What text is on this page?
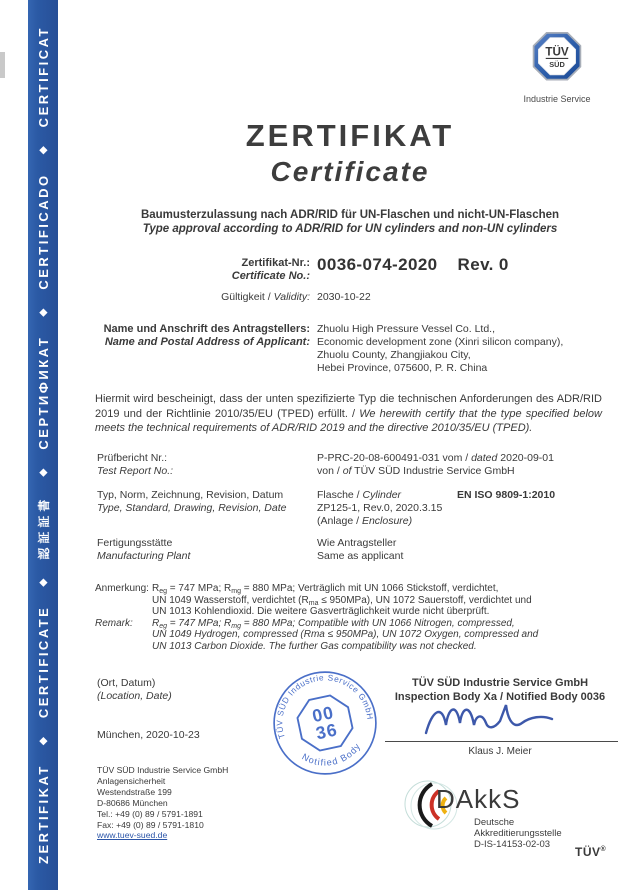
ZERTIFIKAT
◆
CERTIFICATE
◆
認証証書
◆
СЕРТИФИКАТ
◆
CERTIFICADO
◆
CERTIFICAT	TÜV
SÜD
Industrie Service
ZERTIFIKAT
Certificate
Baumusterzulassung nach ADR/RID für UN-Flaschen und nicht-UN-Flaschen
Type approval according to ADR/RID for UN cylinders and non-UN cylinders
Zertifikat-Nr.:
Certificate No.:
0036-074-2020 Rev. 0
Gültigkeit / Validity: 2030-10-22
Name und Anschrift des Antragstellers:
Name and Postal Address of Applicant:
Zhuolu High Pressure Vessel Co. Ltd.,
Economic development zone (Xinri silicon company),
Zhuolu County, Zhangjiakou City,
Hebei Province, 075600, P. R. China
Hiermit wird bescheinigt, dass der unten spezifizierte Typ die technischen Anforderungen des ADR/RID 2019 und der Richtlinie 2010/35/EU (TPED) erfüllt. / We herewith certify that the type specified below meets the technical requirements of ADR/RID 2019 and the directive 2010/35/EU (TPED).
Prüfbericht Nr.:
Test Report No.:
P-PRC-20-08-600491-031 vom / dated 2020-09-01
von / of TÜV SÜD Industrie Service GmbH
Typ, Norm, Zeichnung, Revision, Datum
Type, Standard, Drawing, Revision, Date
Flasche / Cylinder
ZP125-1, Rev.0, 2020.3.15
(Anlage / Enclosure)
EN ISO 9809-1:2010
Fertigungsstätte
Manufacturing Plant
Wie Antragsteller
Same as applicant
Anmerkung: $R_{eg} = 747$ MPa; $R_{mg} = 880$ MPa; Verträglich mit UN 1066 Stickstoff, verdichtet,
UN 1049 Wasserstoff, verdichtet $(R_{ma} \le 950MPa)$, UN 1072 Sauerstoff, verdichtet und
UN 1013 Kohlendioxid. Die weitere Gasverträglichkeit wurde nicht überprüft.
Remark: $R_{eg} = 747$ MPa; $R_{mg} = 880$ MPa; Compatible with UN 1066 Nitrogen, compressed,
UN 1049 Hydrogen, compressed (Rma ≤ 950MPa), UN 1072 Oxygen, compressed and
UN 1013 Carbon Dioxide. The further Gas compatibility was not checked.
(Ort, Datum)
(Location, Date)
München, 2020-10-23	TÜV SÜD Industrie Service GmbH
Notified Body
00
36
TÜV SÜD Industrie Service GmbH
Inspection Body Xa / Notified Body 0036
Klaus J. Meier
TÜV SÜD Industrie Service GmbH
Anlagensicherheit
Westendstraße 199
D-80686 München
Tel.: +49 (0) 89 / 5791-1891
Fax: +49 (0) 89 / 5791-1810
www.tuev-sued.de
DAkkS
Deutsche
Akkreditierungsstelle
D-IS-14153-02-03
TÜV®
